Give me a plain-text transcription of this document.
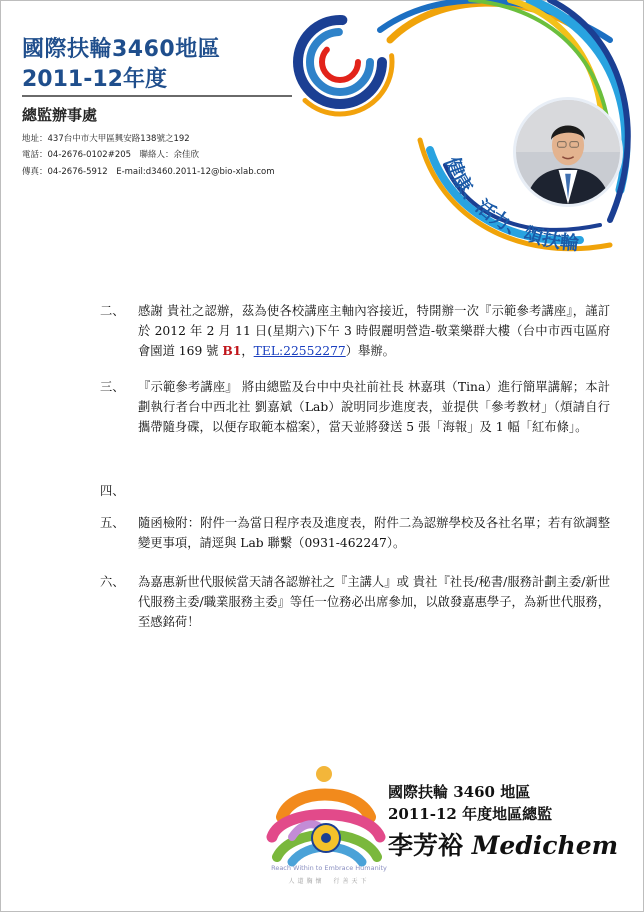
國際扶輪3460地區
2011-12年度
總監辦事處
地址：437台中市大甲區興安路138號之192
電話：04-2676-0102#205　聯絡人：余佳欣
傳真：04-2676-5912　E-mail:d3460.2011-12@bio-xlab.com	健康、活力、頌扶輪
二、	感謝 貴社之認辦，茲為使各校講座主軸內容接近，特開辦一次『示範參考講座』，謹訂於 2012 年 2 月 11 日(星期六)下午 3 時假麗明營造-敬業樂群大樓（台中市西屯區府會園道 169 號 B1，TEL:22552277）舉辦。
三、	『示範參考講座』 將由總監及台中中央社前社長 林嘉琪（Tina）進行簡單講解；本計劃執行者台中西北社 劉嘉斌（Lab）說明同步進度表，並提供「參考教材」（煩請自行攜帶隨身碟，以便存取範本檔案），當天並將發送 5 張「海報」及 1 幅「紅布條」。
四、
五、	隨函檢附：附件一為當日程序表及進度表，附件二為認辦學校及各社名單；若有欲調整變更事項，請逕與 Lab 聯繫（0931-462247）。
六、	為嘉惠新世代服候當天請各認辦社之『主講人』或 貴社『社長/秘書/服務計劃主委/新世代服務主委/職業服務主委』等任一位務必出席參加，以啟發嘉惠學子，為新世代服務，至感銘荷！
Reach Within to Embrace Humanity
人道胸懷　行善天下
國際扶輪 3460 地區
2011-12 年度地區總監
李芳裕 Medichem
